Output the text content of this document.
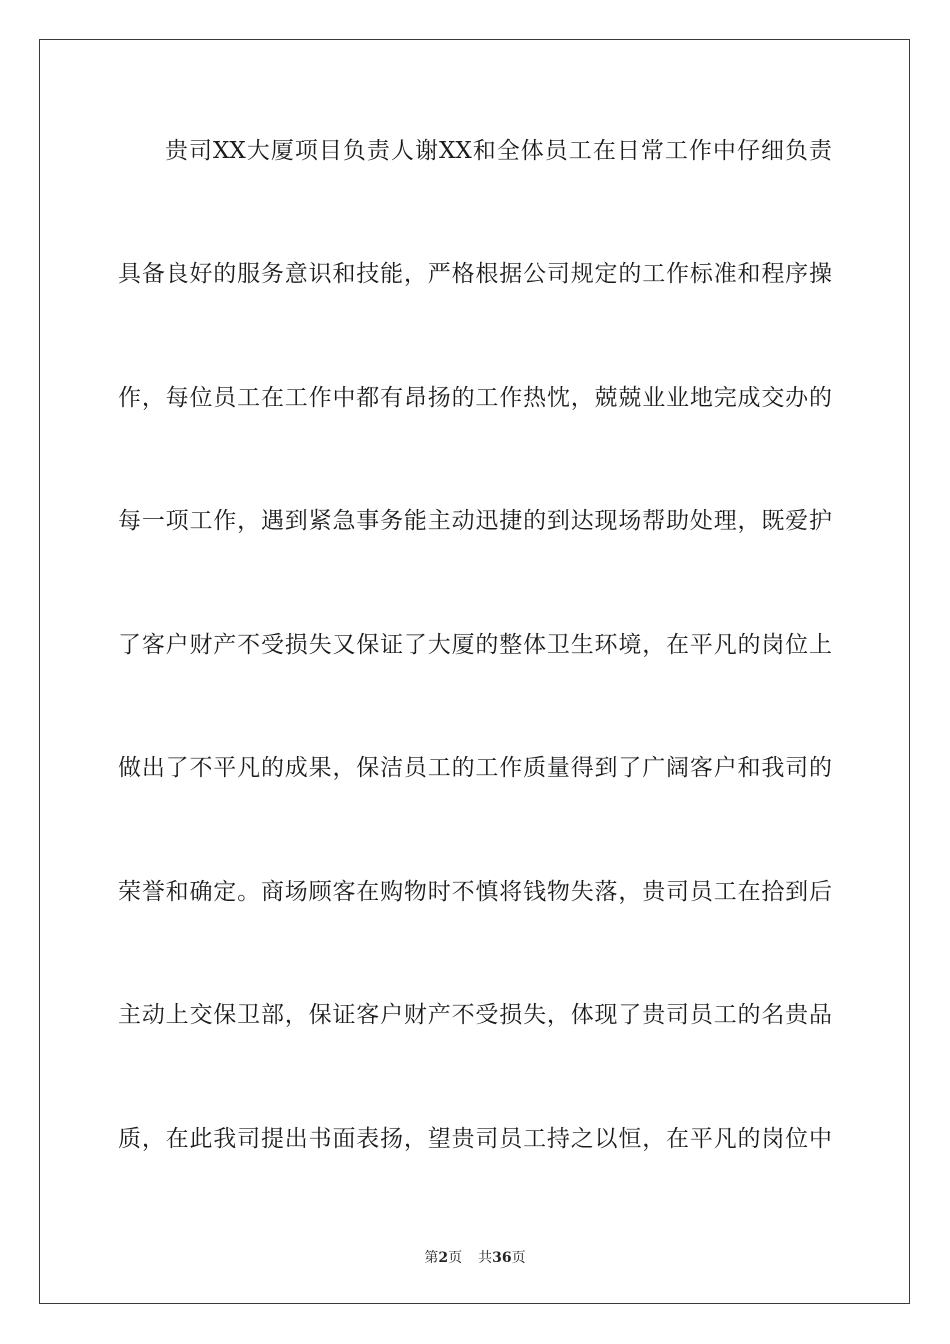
贵司XX大厦项目负责人谢XX和全体员工在日常工作中仔细负责
具备良好的服务意识和技能，严格根据公司规定的工作标准和程序操
作，每位员工在工作中都有昂扬的工作热忱，兢兢业业地完成交办的
每一项工作，遇到紧急事务能主动迅捷的到达现场帮助处理，既爱护
了客户财产不受损失又保证了大厦的整体卫生环境，在平凡的岗位上
做出了不平凡的成果，保洁员工的工作质量得到了广阔客户和我司的
荣誉和确定。商场顾客在购物时不慎将钱物失落，贵司员工在拾到后
主动上交保卫部，保证客户财产不受损失，体现了贵司员工的名贵品
质，在此我司提出书面表扬，望贵司员工持之以恒，在平凡的岗位中
第2页 共36页
